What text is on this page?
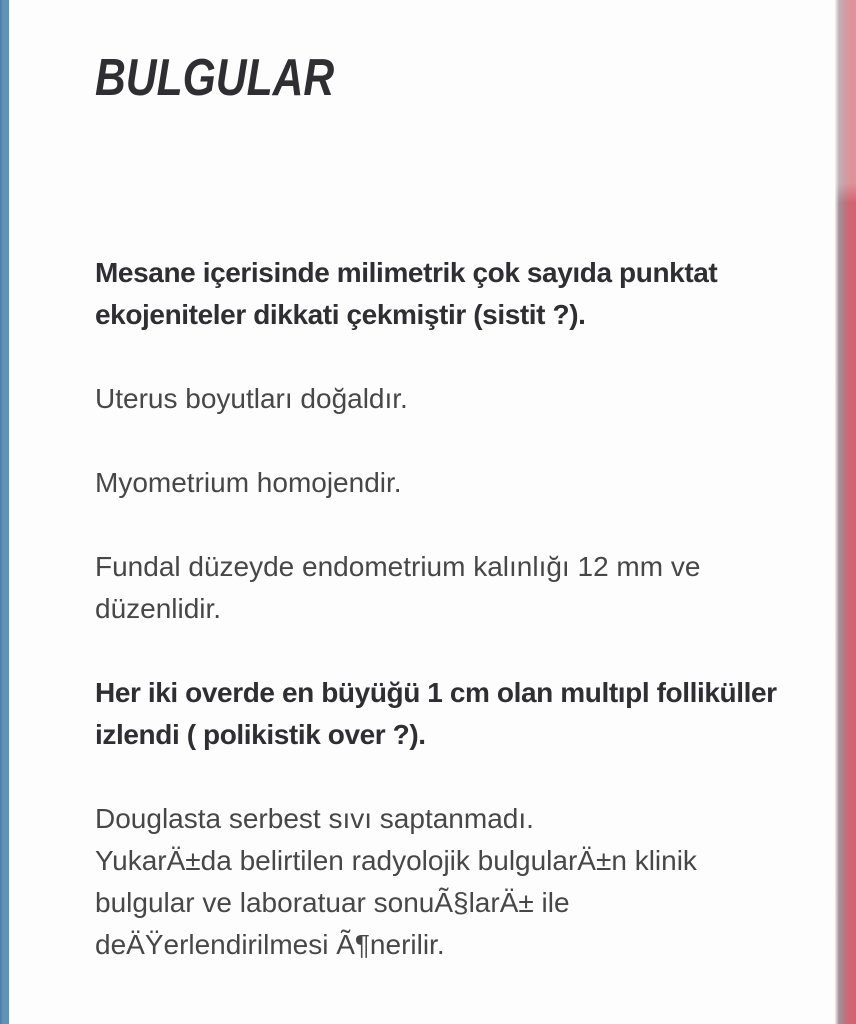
BULGULAR
Mesane içerisinde milimetrik çok sayıda punktat
ekojeniteler dikkati çekmiştir (sistit ?).
Uterus boyutları doğaldır.
Myometrium homojendir.
Fundal düzeyde endometrium kalınlığı 12 mm ve
düzenlidir.
Her iki overde en büyüğü 1 cm olan multıpl folliküller
izlendi ( polikistik over ?).
Douglasta serbest sıvı saptanmadı.
YukarÄ±da belirtilen radyolojik bulgularÄ±n klinik
bulgular ve laboratuar sonuÃ§larÄ± ile
deÄŸerlendirilmesi Ã¶nerilir.
